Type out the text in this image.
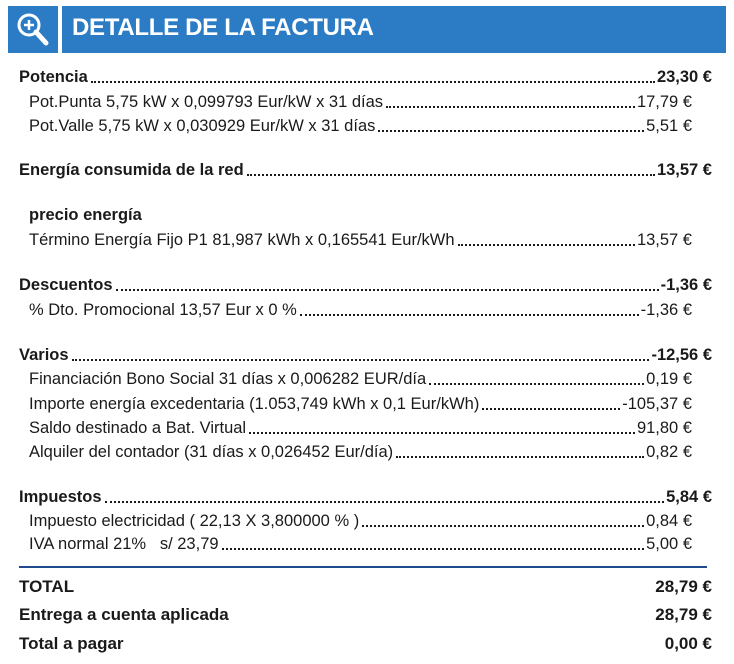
DETALLE DE LA FACTURA
Potencia	23,30 €
Pot.Punta 5,75 kW x 0,099793 Eur/kW x 31 días	17,79 €
Pot.Valle 5,75 kW x 0,030929 Eur/kW x 31 días	5,51 €
Energía consumida de la red	13,57 €
precio energía
Término Energía Fijo P1 81,987 kWh x 0,165541 Eur/kWh	13,57 €
Descuentos	-1,36 €
% Dto. Promocional 13,57 Eur x 0 %	-1,36 €
Varios	-12,56 €
Financiación Bono Social 31 días x 0,006282 EUR/día	0,19 €
Importe energía excedentaria (1.053,749 kWh x 0,1 Eur/kWh)	-105,37 €
Saldo destinado a Bat. Virtual	91,80 €
Alquiler del contador (31 días x 0,026452 Eur/día)	0,82 €
Impuestos	5,84 €
Impuesto electricidad ( 22,13 X 3,800000 % )	0,84 €
IVA normal 21%   s/ 23,79	5,00 €
TOTAL	28,79 €
Entrega a cuenta aplicada	28,79 €
Total a pagar	0,00 €
